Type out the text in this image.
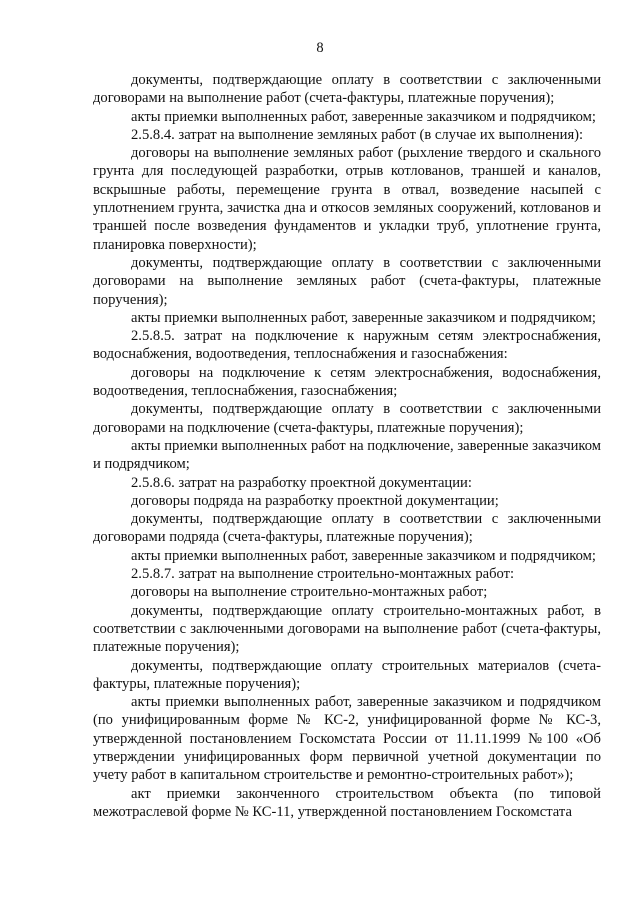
8

документы, подтверждающие оплату в соответствии с заключенными договорами на выполнение работ (счета-фактуры, платежные поручения);

акты приемки выполненных работ, заверенные заказчиком и подрядчиком;

2.5.8.4. затрат на выполнение земляных работ (в случае их выполнения):

договоры на выполнение земляных работ (рыхление твердого и скального грунта для последующей разработки, отрыв котлованов, траншей и каналов, вскрышные работы, перемещение грунта в отвал, возведение насыпей с уплотнением грунта, зачистка дна и откосов земляных сооружений, котлованов и траншей после возведения фундаментов и укладки труб, уплотнение грунта, планировка поверхности);

документы, подтверждающие оплату в соответствии с заключенными договорами на выполнение земляных работ (счета-фактуры, платежные поручения);

акты приемки выполненных работ, заверенные заказчиком и подрядчиком;

2.5.8.5. затрат на подключение к наружным сетям электроснабжения, водоснабжения, водоотведения, теплоснабжения и газоснабжения:

договоры на подключение к сетям электроснабжения, водоснабжения, водоотведения, теплоснабжения, газоснабжения;

документы, подтверждающие оплату в соответствии с заключенными договорами на подключение (счета-фактуры, платежные поручения);

акты приемки выполненных работ на подключение, заверенные заказчиком и подрядчиком;

2.5.8.6. затрат на разработку проектной документации:

договоры подряда на разработку проектной документации;

документы, подтверждающие оплату в соответствии с заключенными договорами подряда (счета-фактуры, платежные поручения);

акты приемки выполненных работ, заверенные заказчиком и подрядчиком;

2.5.8.7. затрат на выполнение строительно-монтажных работ:

договоры на выполнение строительно-монтажных работ;

документы, подтверждающие оплату строительно-монтажных работ, в соответствии с заключенными договорами на выполнение работ (счета-фактуры, платежные поручения);

документы, подтверждающие оплату строительных материалов (счета-фактуры, платежные поручения);

акты приемки выполненных работ, заверенные заказчиком и подрядчиком (по унифицированным форме № КС-2, унифицированной форме № КС-3, утвержденной постановлением Госкомстата России от 11.11.1999 №100 «Об утверждении унифицированных форм первичной учетной документации по учету работ в капитальном строительстве и ремонтно-строительных работ»);

акт приемки законченного строительством объекта (по типовой межотраслевой форме № КС-11, утвержденной постановлением Госкомстата
